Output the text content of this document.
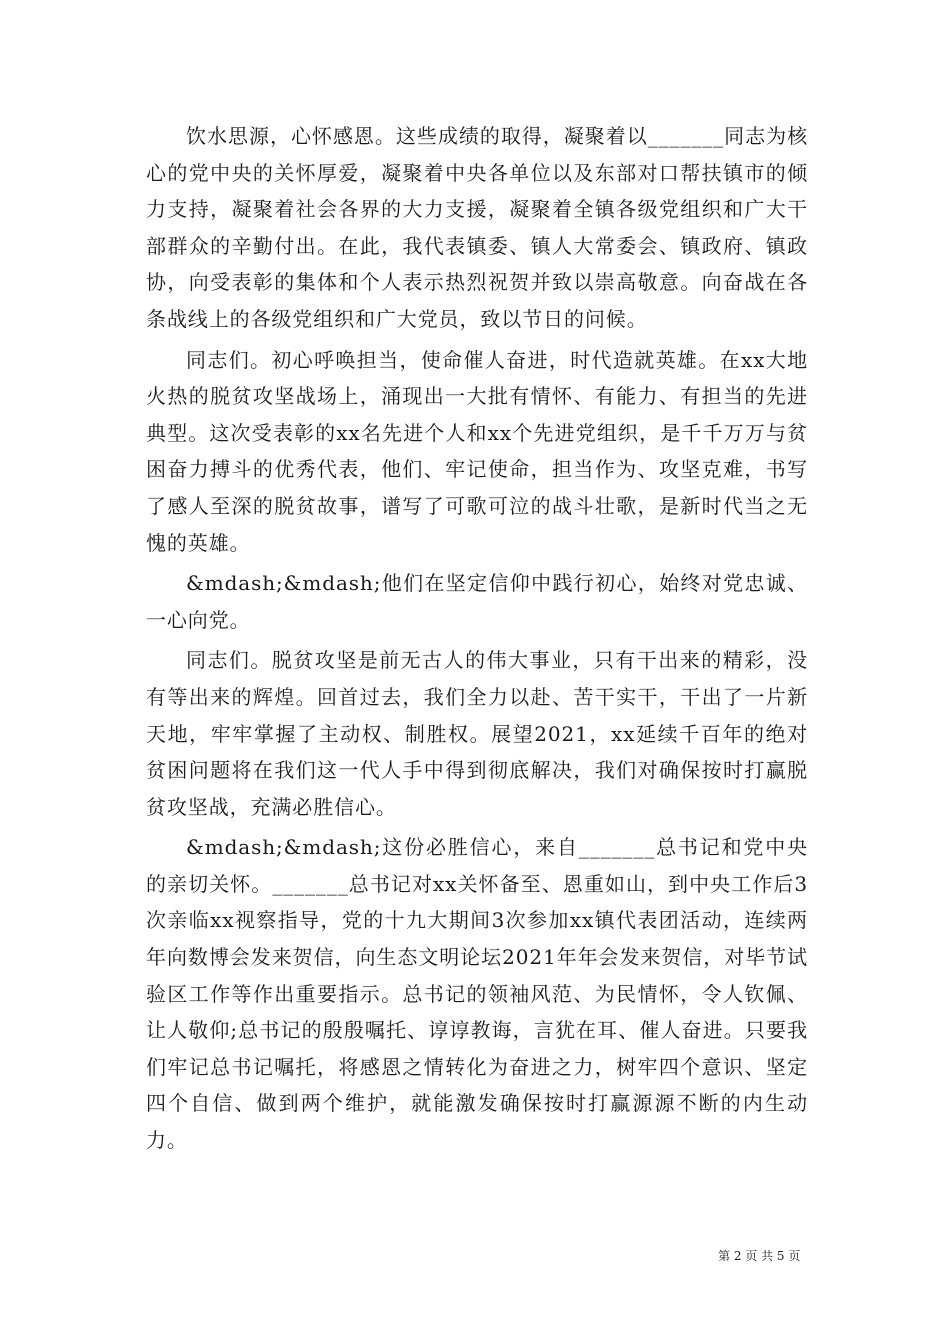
饮水思源，心怀感恩。这些成绩的取得，凝聚着以_______同志为核心的党中央的关怀厚爱，凝聚着中央各单位以及东部对口帮扶镇市的倾力支持，凝聚着社会各界的大力支援，凝聚着全镇各级党组织和广大干部群众的辛勤付出。在此，我代表镇委、镇人大常委会、镇政府、镇政协，向受表彰的集体和个人表示热烈祝贺并致以崇高敬意。向奋战在各条战线上的各级党组织和广大党员，致以节日的问候。

同志们。初心呼唤担当，使命催人奋进，时代造就英雄。在xx大地火热的脱贫攻坚战场上，涌现出一大批有情怀、有能力、有担当的先进典型。这次受表彰的xx名先进个人和xx个先进党组织，是千千万万与贫困奋力搏斗的优秀代表，他们、牢记使命，担当作为、攻坚克难，书写了感人至深的脱贫故事，谱写了可歌可泣的战斗壮歌，是新时代当之无愧的英雄。

&mdash;&mdash;他们在坚定信仰中践行初心，始终对党忠诚、一心向党。

同志们。脱贫攻坚是前无古人的伟大事业，只有干出来的精彩，没有等出来的辉煌。回首过去，我们全力以赴、苦干实干，干出了一片新天地，牢牢掌握了主动权、制胜权。展望2021，xx延续千百年的绝对贫困问题将在我们这一代人手中得到彻底解决，我们对确保按时打赢脱贫攻坚战，充满必胜信心。

&mdash;&mdash;这份必胜信心，来自_______总书记和党中央的亲切关怀。_______总书记对xx关怀备至、恩重如山，到中央工作后3次亲临xx视察指导，党的十九大期间3次参加xx镇代表团活动，连续两年向数博会发来贺信，向生态文明论坛2021年年会发来贺信，对毕节试验区工作等作出重要指示。总书记的领袖风范、为民情怀，令人钦佩、让人敬仰;总书记的殷殷嘱托、谆谆教诲，言犹在耳、催人奋进。只要我们牢记总书记嘱托，将感恩之情转化为奋进之力，树牢四个意识、坚定四个自信、做到两个维护，就能激发确保按时打赢源源不断的内生动力。

第 2 页 共 5 页
